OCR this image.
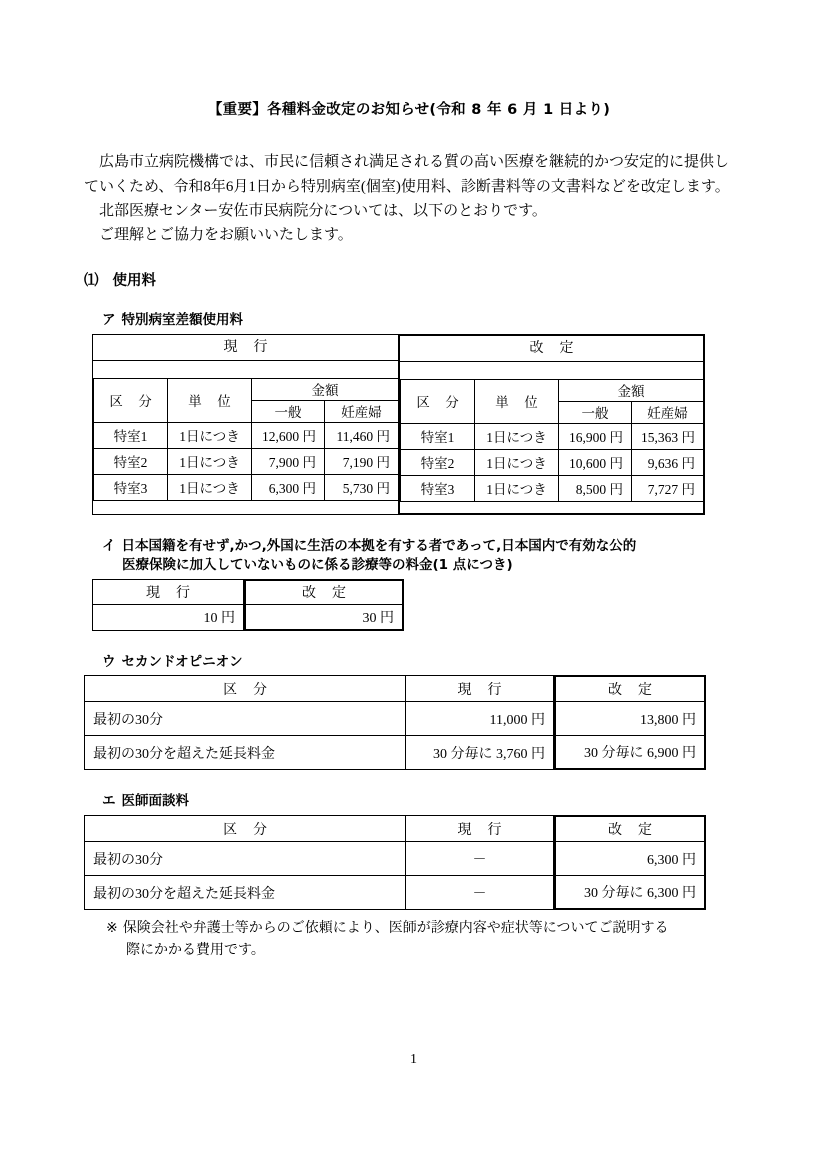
【重要】各種料金改定のお知らせ(令和 8 年 6 月 1 日より)

広島市立病院機構では、市民に信頼され満足される質の高い医療を継続的かつ安定的に提供していくため、令和8年6月1日から特別病室(個室)使用料、診断書料等の文書料などを改定します。

北部医療センター安佐市民病院分については、以下のとおりです。

ご理解とご協力をお願いいたします。

⑴ 使用料
ア 特別病室差額使用料
現 行
区 分	単 位	金額	
		一般	妊産婦
特室1	1日につき	12,600 円	11,460 円
特室2	1日につき	7,900 円	7,190 円
特室3	1日につき	6,300 円	5,730 円
改 定
区 分	単 位	金額	
		一般	妊産婦
特室1	1日につき	16,900 円	15,363 円
特室2	1日につき	10,600 円	9,636 円
特室3	1日につき	8,500 円	7,727 円
イ 日本国籍を有せず,かつ,外国に生活の本拠を有する者であって,日本国内で有効な公的
医療保険に加入していないものに係る診療等の料金(1 点につき)
現 行	改 定
10 円	30 円
ウ セカンドオピニオン
区 分	現 行	改 定
最初の30分	11,000 円	13,800 円
最初の30分を超えた延長料金	30 分毎に 3,760 円	30 分毎に 6,900 円
エ 医師面談料
区 分	現 行	改 定
最初の30分	－	6,300 円
最初の30分を超えた延長料金	－	30 分毎に 6,300 円
※ 保険会社や弁護士等からのご依頼により、医師が診療内容や症状等についてご説明する
際にかかる費用です。
1
